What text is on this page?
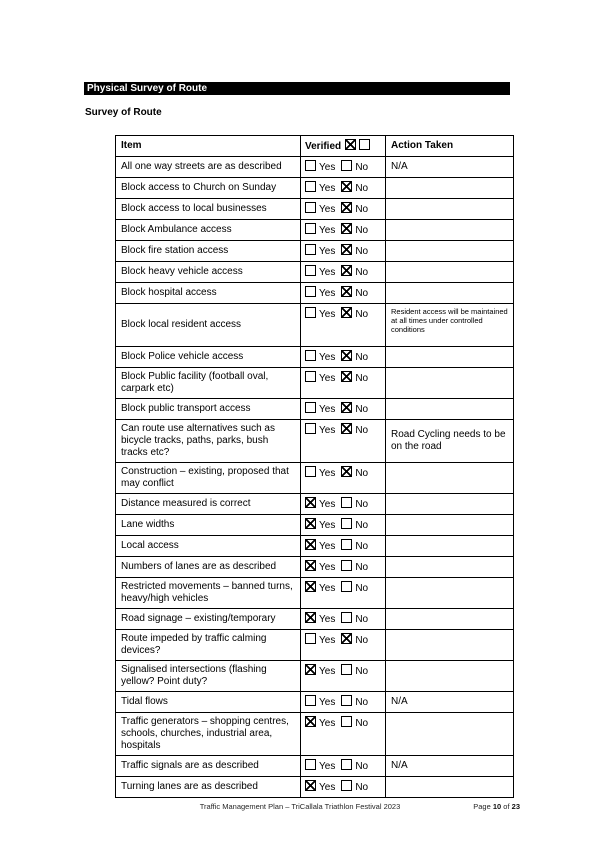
Physical Survey of Route
Survey of Route
Item	Verified	Action Taken
All one way streets are as described	Yes No	N/A
Block access to Church on Sunday	Yes No	
Block access to local businesses	Yes No	
Block Ambulance access	Yes No	
Block fire station access	Yes No	
Block heavy vehicle access	Yes No	
Block hospital access	Yes No	
Block local resident access	Yes No	Resident access will be maintained at all times under controlled conditions
Block Police vehicle access	Yes No	
Block Public facility (football oval, carpark etc)	Yes No	
Block public transport access	Yes No	
Can route use alternatives such as bicycle tracks, paths, parks, bush tracks etc?	Yes No	Road Cycling needs to be on the road
Construction – existing, proposed that may conflict	Yes No	
Distance measured is correct	Yes No	
Lane widths	Yes No	
Local access	Yes No	
Numbers of lanes are as described	Yes No	
Restricted movements – banned turns, heavy/high vehicles	Yes No	
Road signage – existing/temporary	Yes No	
Route impeded by traffic calming devices?	Yes No	
Signalised intersections (flashing yellow? Point duty?	Yes No	
Tidal flows	Yes No	N/A
Traffic generators – shopping centres, schools, churches, industrial area, hospitals	Yes No	
Traffic signals are as described	Yes No	N/A
Turning lanes are as described	Yes No	
Traffic Management Plan – TriCallala Triathlon Festival 2023	Page 10 of 23
